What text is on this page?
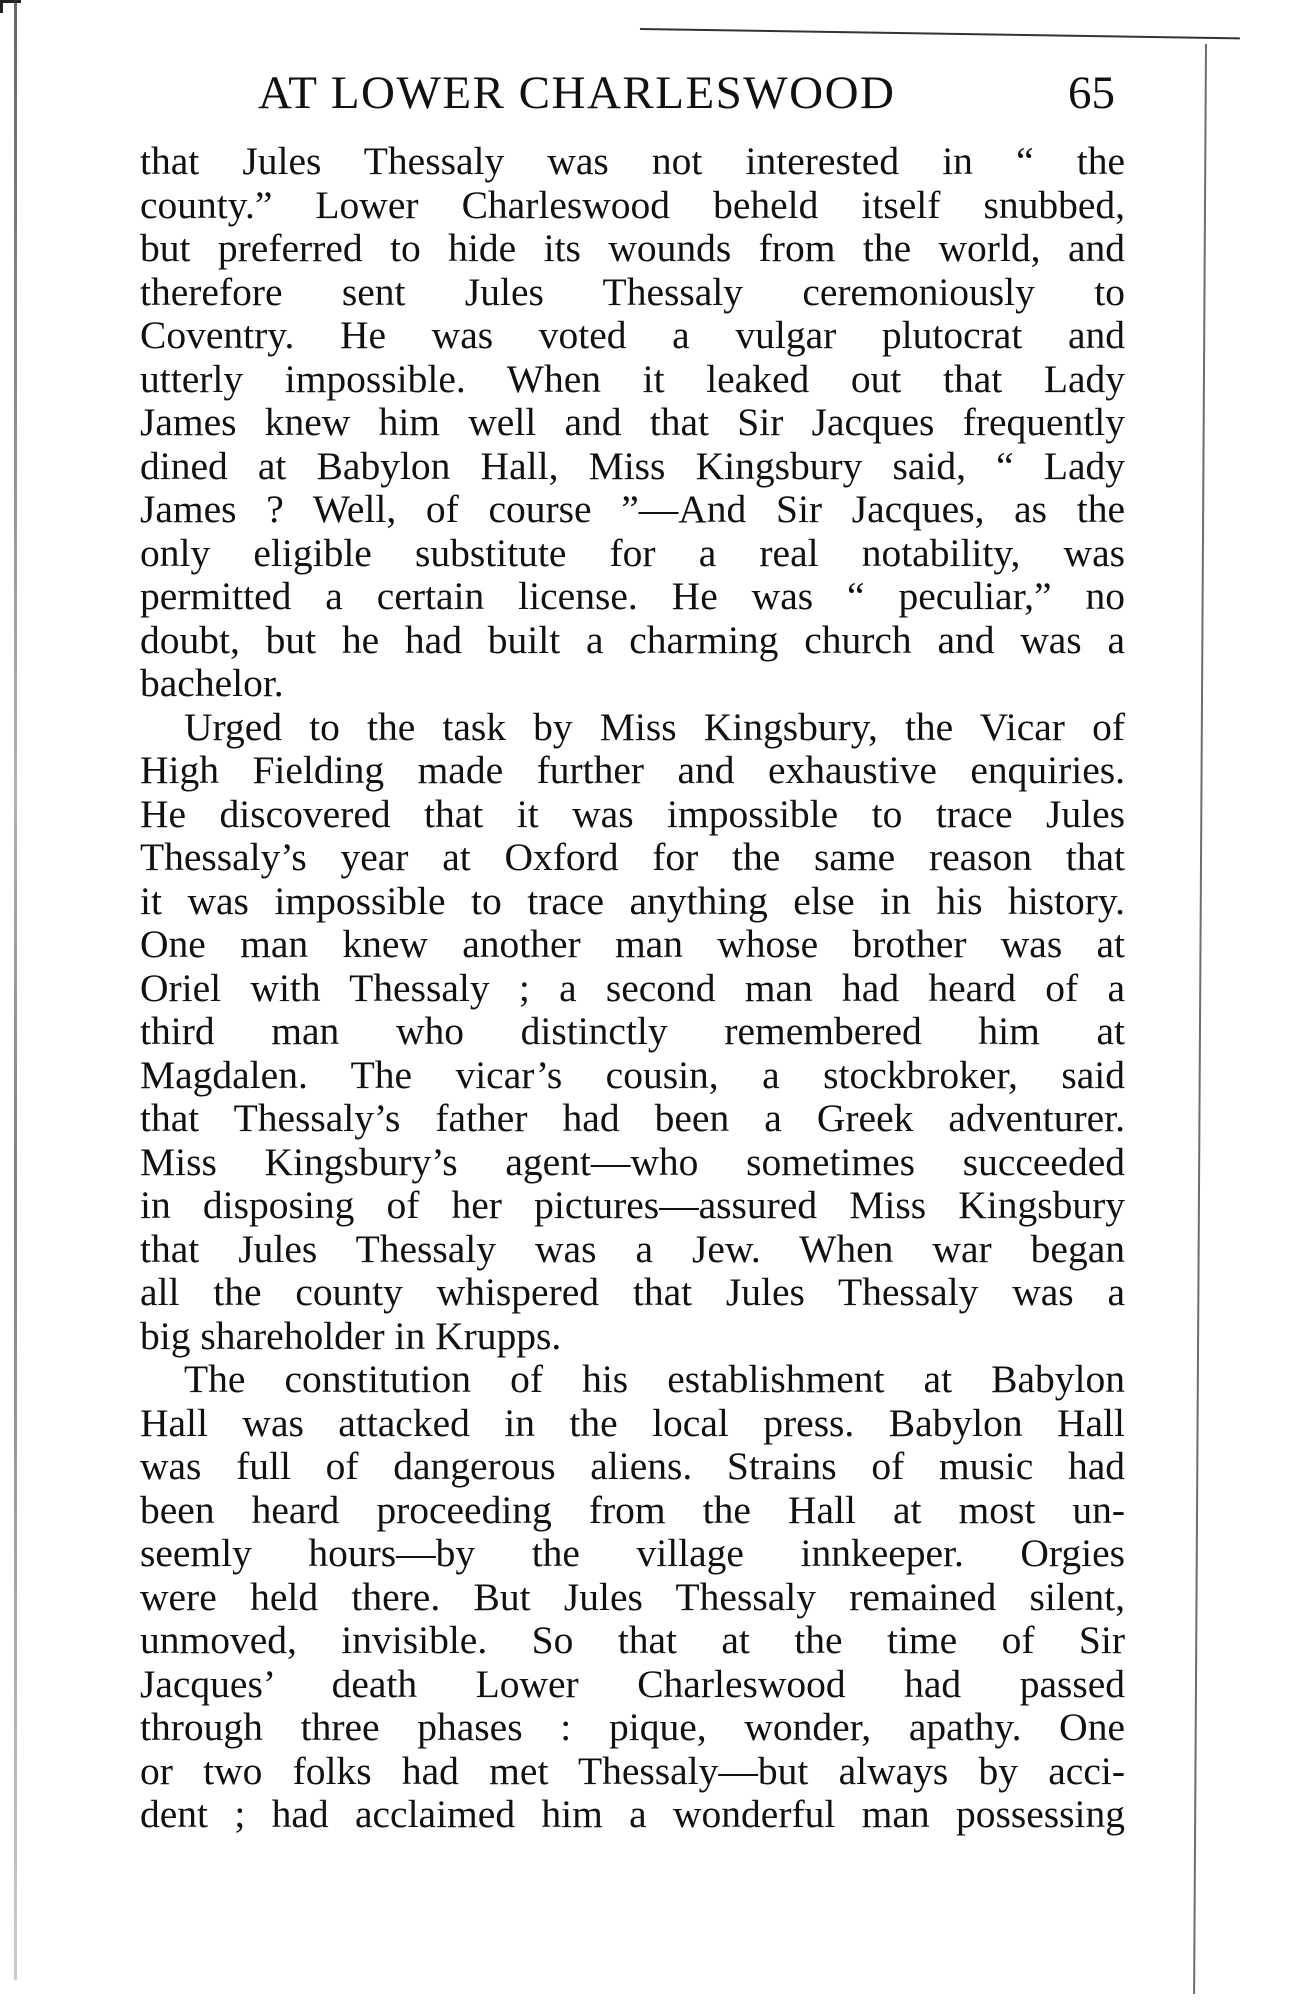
AT LOWER CHARLESWOOD	65
that Jules Thessaly was not interested in “ the
county.” Lower Charleswood beheld itself snubbed,
but preferred to hide its wounds from the world, and
therefore sent Jules Thessaly ceremoniously to
Coventry. He was voted a vulgar plutocrat and
utterly impossible. When it leaked out that Lady
James knew him well and that Sir Jacques frequently
dined at Babylon Hall, Miss Kingsbury said, “ Lady
James ? Well, of course ”—And Sir Jacques, as the
only eligible substitute for a real notability, was
permitted a certain license. He was “ peculiar,” no
doubt, but he had built a charming church and was a
bachelor.
Urged to the task by Miss Kingsbury, the Vicar of
High Fielding made further and exhaustive enquiries.
He discovered that it was impossible to trace Jules
Thessaly’s year at Oxford for the same reason that
it was impossible to trace anything else in his history.
One man knew another man whose brother was at
Oriel with Thessaly ; a second man had heard of a
third man who distinctly remembered him at
Magdalen. The vicar’s cousin, a stockbroker, said
that Thessaly’s father had been a Greek adventurer.
Miss Kingsbury’s agent—who sometimes succeeded
in disposing of her pictures—assured Miss Kingsbury
that Jules Thessaly was a Jew. When war began
all the county whispered that Jules Thessaly was a
big shareholder in Krupps.
The constitution of his establishment at Babylon
Hall was attacked in the local press. Babylon Hall
was full of dangerous aliens. Strains of music had
been heard proceeding from the Hall at most un-
seemly hours—by the village innkeeper. Orgies
were held there. But Jules Thessaly remained silent,
unmoved, invisible. So that at the time of Sir
Jacques’ death Lower Charleswood had passed
through three phases : pique, wonder, apathy. One
or two folks had met Thessaly—but always by acci-
dent ; had acclaimed him a wonderful man possessing
